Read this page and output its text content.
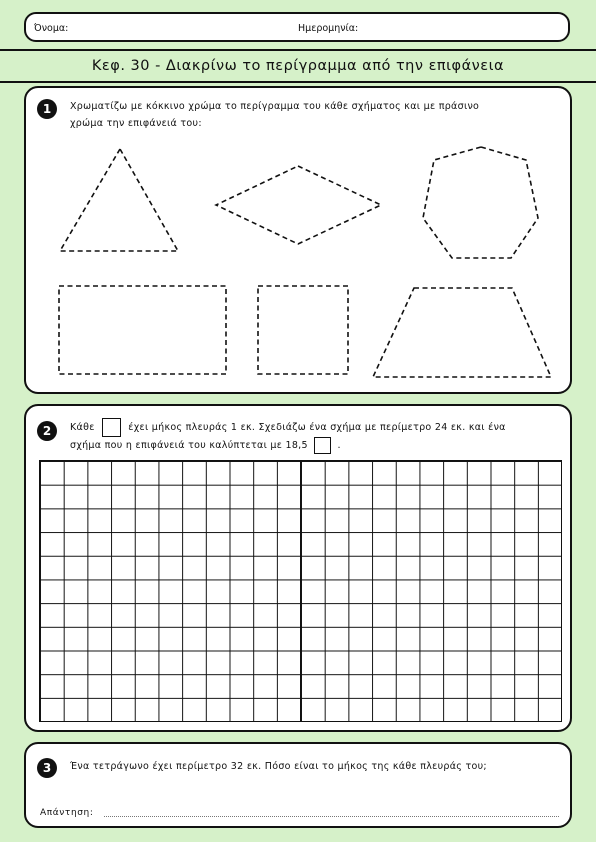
Όνομα:	Ημερομηνία:
Κεφ. 30 - Διακρίνω το περίγραμμα από την επιφάνεια
1	Χρωματίζω με κόκκινο χρώμα το περίγραμμα του κάθε σχήματος και με πράσινο
χρώμα την επιφάνειά του:
2	Κάθε	έχει μήκος πλευράς 1 εκ. Σχεδιάζω ένα σχήμα με περίμετρο 24 εκ. και ένα
σχήμα που η επιφάνειά του καλύπτεται με 18,5	.
3	Ένα τετράγωνο έχει περίμετρο 32 εκ. Πόσο είναι το μήκος της κάθε πλευράς του;
Απάντηση:
